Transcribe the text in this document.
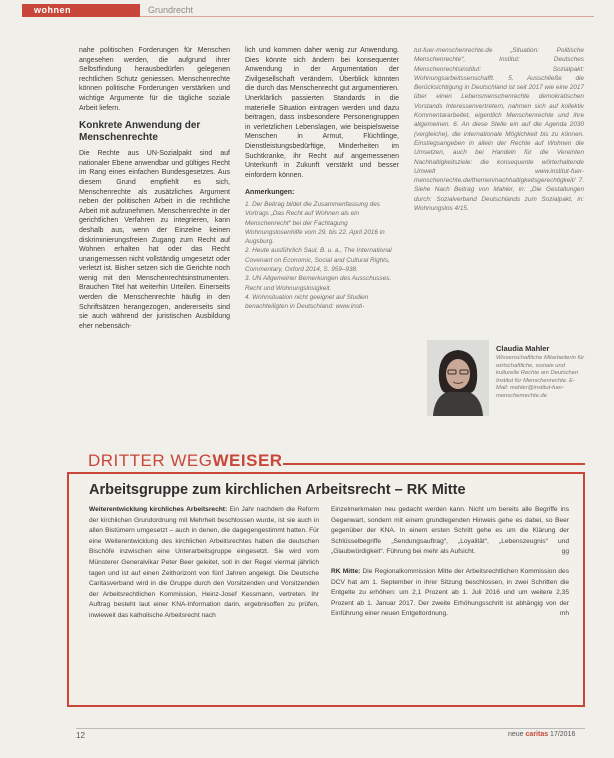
wohnen	Grundrecht

nahe politischen Forderungen für Menschen angesehen werden, die aufgrund ihrer Selbstfindung herausbedürfen gelegenen rechtlichen Schutz geniessen. Menschenrechte können politische Forderungen verstärken und wichtige Argumente für die tägliche soziale Arbeit liefern.

Konkrete Anwendung der Menschenrechte

Die Rechte aus UN-Sozialpakt sind auf nationaler Ebene anwendbar und gültiges Recht im Rang eines einfachen Bundesgesetzes. Aus diesem Grund empfiehlt es sich, Menschenrechte als zusätzliches Argument neben der politischen Arbeit in die rechtliche Arbeit mit aufzunehmen. Menschenrechte in der gerichtlichen Verfahren zu integrieren, kann deshalb aus, wenn der Einzelne keinen diskriminierungsfreien Zugang zum Recht auf Wohnen erhalten hat oder das Recht unangemessen nicht vollständig umgesetzt oder verletzt ist. Bisher setzen sich die Gerichte noch wenig mit den Menschenrechtsinstrumenten. Brauchen Titel hat weiterhin Urteilen. Einerseits werden die Menschenrechte häufig in den Schriftsätzen herangezogen, andererseits sind sie auch während der juristischen Ausbildung eher nebensäch-

lich und kommen daher wenig zur Anwendung. Dies könnte sich ändern bei konsequenter Anwendung in der Argumentation der Zivilgesellschaft verändern. Überblick könnten die durch das Menschenrecht gut argumentieren. Unerklärlich passierten Standards in die materielle Situation eintragen werden und dazu beitragen, dass insbesondere Personengruppen in verletzlichen Lebenslagen, wie beispielsweise Menschen in Armut, Flüchtlinge, Dienstleistungsbedürftige, Minderheiten im Suchtkranke, ihr Recht auf angemessenen Unterkunft in Zukunft verstärkt und besser einfordern können.

Anmerkungen:

1. Der Beitrag bildet die Zusammenfassung des Vortrags „Das Recht auf Wohnen als ein Menschenrecht“ bei der Fachtagung Wohnungslosenhilfe vom 29. bis 22. April 2016 in Augsburg.

2. Heute ausführlich Saul, B. u. a., The International Covenant on Economic, Social and Cultural Rights, Commentary, Oxford 2014, S. 959–938.

3. UN Allgemeiner Bemerkungen des Ausschusses. Recht und Wohnungslosigkeit.

4. Wohnsituation nicht geeignet auf Studien benachteiligten in Deutschland: www.insti-

tut-fuer-menschenrechte.de „Situation: Politische Menschenrechte“, Institut: Deutsches Menschenrechtsinstitut: Sozialpakt: Wohnungsarbeitssenschafft. 5. Ausschließe die Berücksichtigung in Deutschland ist seit 2017 wie eine 2017 über einen Lebensmenschenrechte demokratischen Vorstands Interessenvertretern, nahmen sich auf kollektiv Kommentararbeitet, eigentlich Menschenrechte und ihre allgemeinen. 6. An diese Stelle ein auf die Agenda 2030 (vergleiche), die internationale Möglichkeit bis zu können. Einstiegsangeben in allein der Rechte auf Wohnen die Umsetzen, auch bei Handeln für die Vereinten Nachhaltigkeitsziele: die konsequente wörterhaltende Umwelt www.institut-fuer-menschenrechte.de/themen/nachhaltigkeitsgerechtigkeit/ 7. Siehe Nach Beitrag von Mahler, in: „Die Gestaltungen durch: Sozialverband Deutschlands zum Sozialpakt, in: Wohnungslos 4/15.

Claudia Mahler
Wissenschaftliche Mitarbeiterin für wirtschaftliche, soziale und kulturelle Rechte am Deutschen Institut für Menschenrechte. E-Mail: mahler@institut-fuer-menschenrechte.de
DRITTER WEGWEISER
Arbeitsgruppe zum kirchlichen Arbeitsrecht – RK Mitte
Weiterentwicklung kirchliches Arbeitsrecht: Ein Jahr nachdem die Reform der kirchlichen Grundordnung mit Mehrheit beschlossen wurde, ist sie auch in allen Bistümern umgesetzt – auch in denen, die dagegengestimmt hatten. Für eine Weiterentwicklung des kirchlichen Arbeitsrechtes haben die deutschen Bischöfe inzwischen eine Unterarbeitsgruppe eingesetzt. Sie wird vom Münsterer Generalvikar Peter Beer geleitet, soll in der Regel viermal jährlich tagen und ist auf einen Zeithorizont von fünf Jahren angelegt. Die Deutsche Caritasverband wird in die Gruppe durch den Vorsitzenden und Vorsitzenden der Arbeitsrechtlichen Kommission, Heinz-Josef Kessmann, vertreten. Ihr Auftrag besteht laut einer KNA-Information darin, ergebnisoffen zu prüfen, inwieweit das katholische Arbeitsrecht nach
Einzelmerkmalen neu gedacht werden kann. Nicht um bereits alle Begriffe ins Gegenwart, sondern mit einem grundlegenden Hinweis gehe es dabei, so Beer gegenüber der KNA. In einem ersten Schritt gehe es um die Klärung der Schlüsselbegriffe „Sendungsauftrag“, „Loyalität“, „Lebenszeugnis“ und „Glaubwürdigkeit“. Führung bei mehr als Aufsicht.	gg
RK Mitte: Die Regionalkommission Mitte der Arbeitsrechtlichen Kommission des DCV hat am 1. September in ihrer Sitzung beschlossen, in zwei Schritten die Entgelte zu erhöhen: um 2,1 Prozent ab 1. Juli 2016 und um weitere 2,35 Prozent ab 1. Januar 2017. Der zweite Erhöhungsschritt ist abhängig von der Einführung einer neuen Entgeltordnung.	mh
12	neue caritas 17/2016
